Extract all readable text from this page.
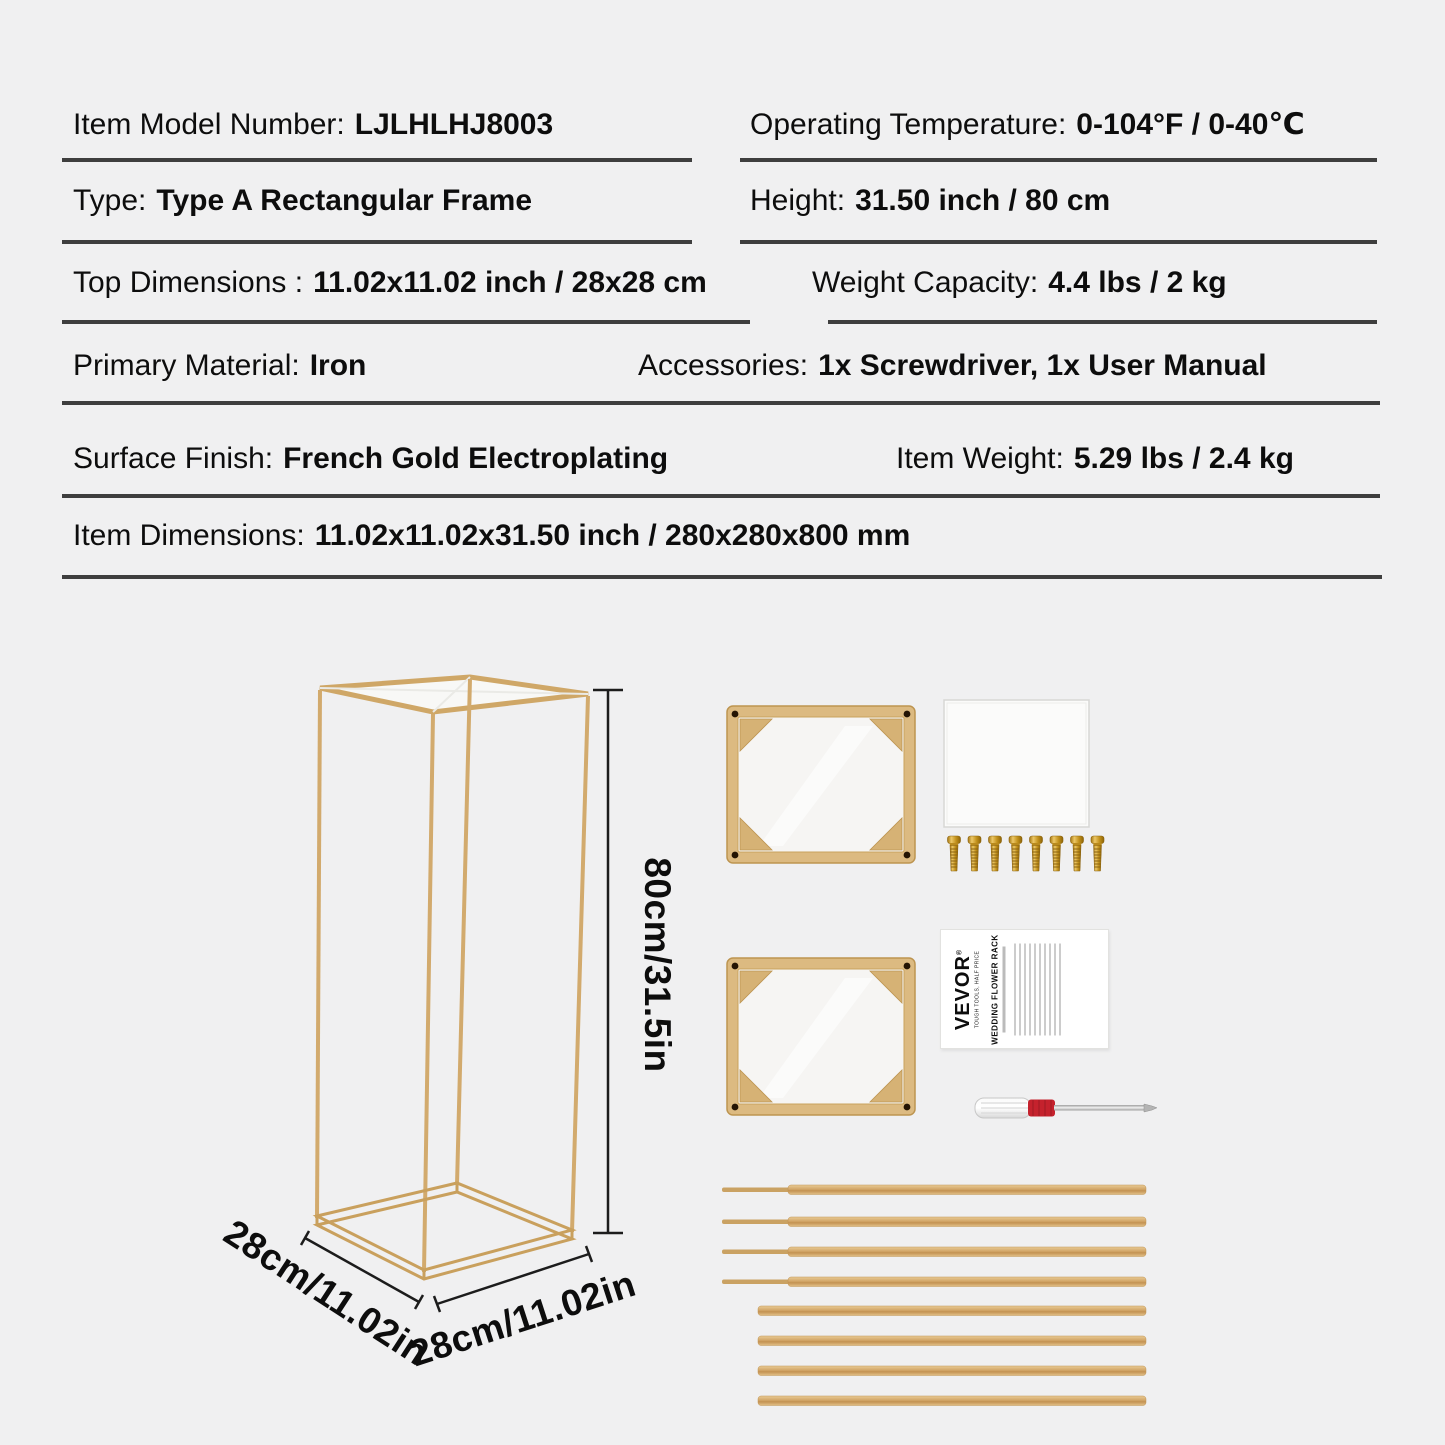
Item Model Number: LJLHLHJ8003	Operating Temperature: 0-104°F / 0-40℃
Type: Type A Rectangular Frame	Height: 31.50 inch / 80 cm
Top Dimensions : 11.02x11.02 inch / 28x28 cm	Weight Capacity: 4.4 lbs / 2 kg
Primary Material: Iron	Accessories: 1x Screwdriver, 1x User Manual
Surface Finish: French Gold Electroplating	Item Weight: 5.29 lbs / 2.4 kg
Item Dimensions: 11.02x11.02x31.50 inch / 280x280x800 mm
80cm/31.5in
28cm/11.02in
28cm/11.02in
VEVOR®	TOUGH TOOLS, HALF PRICE WEDDING FLOWER RACK
